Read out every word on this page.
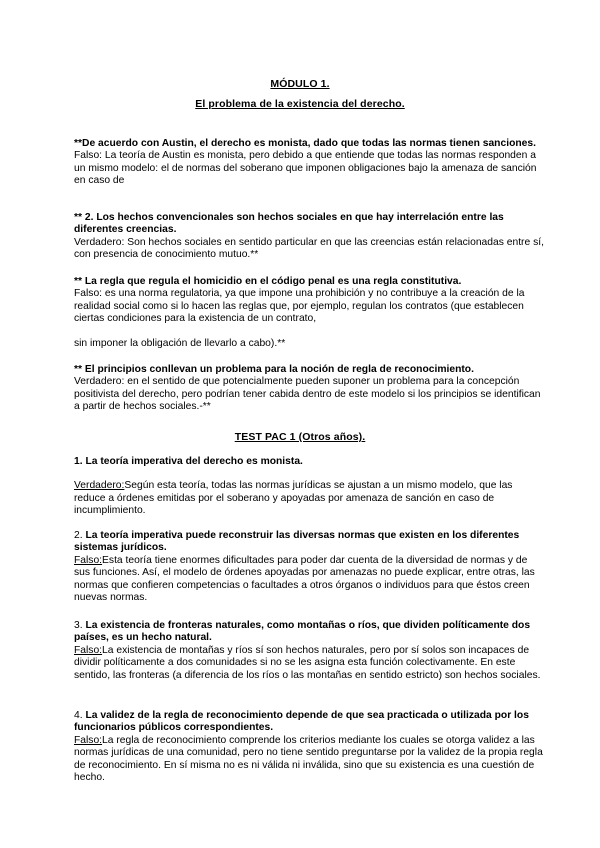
MÓDULO 1.
El problema de la existencia del derecho.
**De acuerdo con Austin, el derecho es monista, dado que todas las normas tienen sanciones.
Falso: La teoría de Austin es monista, pero debido a que entiende que todas las normas responden a un mismo modelo: el de normas del soberano que imponen obligaciones bajo la amenaza de sanción en caso de
** 2. Los hechos convencionales son hechos sociales en que hay interrelación entre las diferentes creencias.
Verdadero: Son hechos sociales en sentido particular en que las creencias están relacionadas entre sí, con presencia de conocimiento mutuo.**
** La regla que regula el homicidio en el código penal es una regla constitutiva.
Falso: es una norma regulatoria, ya que impone una prohibición y no contribuye a la creación de la realidad social como si lo hacen las reglas que, por ejemplo, regulan los contratos (que establecen ciertas condiciones para la existencia de un contrato,
sin imponer la obligación de llevarlo a cabo).**
** El principios conllevan un problema para la noción de regla de reconocimiento.
Verdadero: en el sentido de que potencialmente pueden suponer un problema para la concepción positivista del derecho, pero podrían tener cabida dentro de este modelo si los principios se identifican a partir de hechos sociales.-**
TEST PAC 1 (Otros años).
1. La teoría imperativa del derecho es monista.
Verdadero:Según esta teoría, todas las normas jurídicas se ajustan a un mismo modelo, que las reduce a órdenes emitidas por el soberano y apoyadas por amenaza de sanción en caso de incumplimiento.
2. La teoría imperativa puede reconstruir las diversas normas que existen en los diferentes sistemas jurídicos.
Falso:Esta teoría tiene enormes dificultades para poder dar cuenta de la diversidad de normas y de sus funciones. Así, el modelo de órdenes apoyadas por amenazas no puede explicar, entre otras, las normas que confieren competencias o facultades a otros órganos o individuos para que éstos creen nuevas normas.
3. La existencia de fronteras naturales, como montañas o ríos, que dividen políticamente dos países, es un hecho natural.
Falso:La existencia de montañas y ríos sí son hechos naturales, pero por sí solos son incapaces de dividir políticamente a dos comunidades si no se les asigna esta función colectivamente. En este sentido, las fronteras (a diferencia de los ríos o las montañas en sentido estricto) son hechos sociales.
4. La validez de la regla de reconocimiento depende de que sea practicada o utilizada por los funcionarios públicos correspondientes.
Falso:La regla de reconocimiento comprende los criterios mediante los cuales se otorga validez a las normas jurídicas de una comunidad, pero no tiene sentido preguntarse por la validez de la propia regla de reconocimiento. En sí misma no es ni válida ni inválida, sino que su existencia es una cuestión de hecho.
